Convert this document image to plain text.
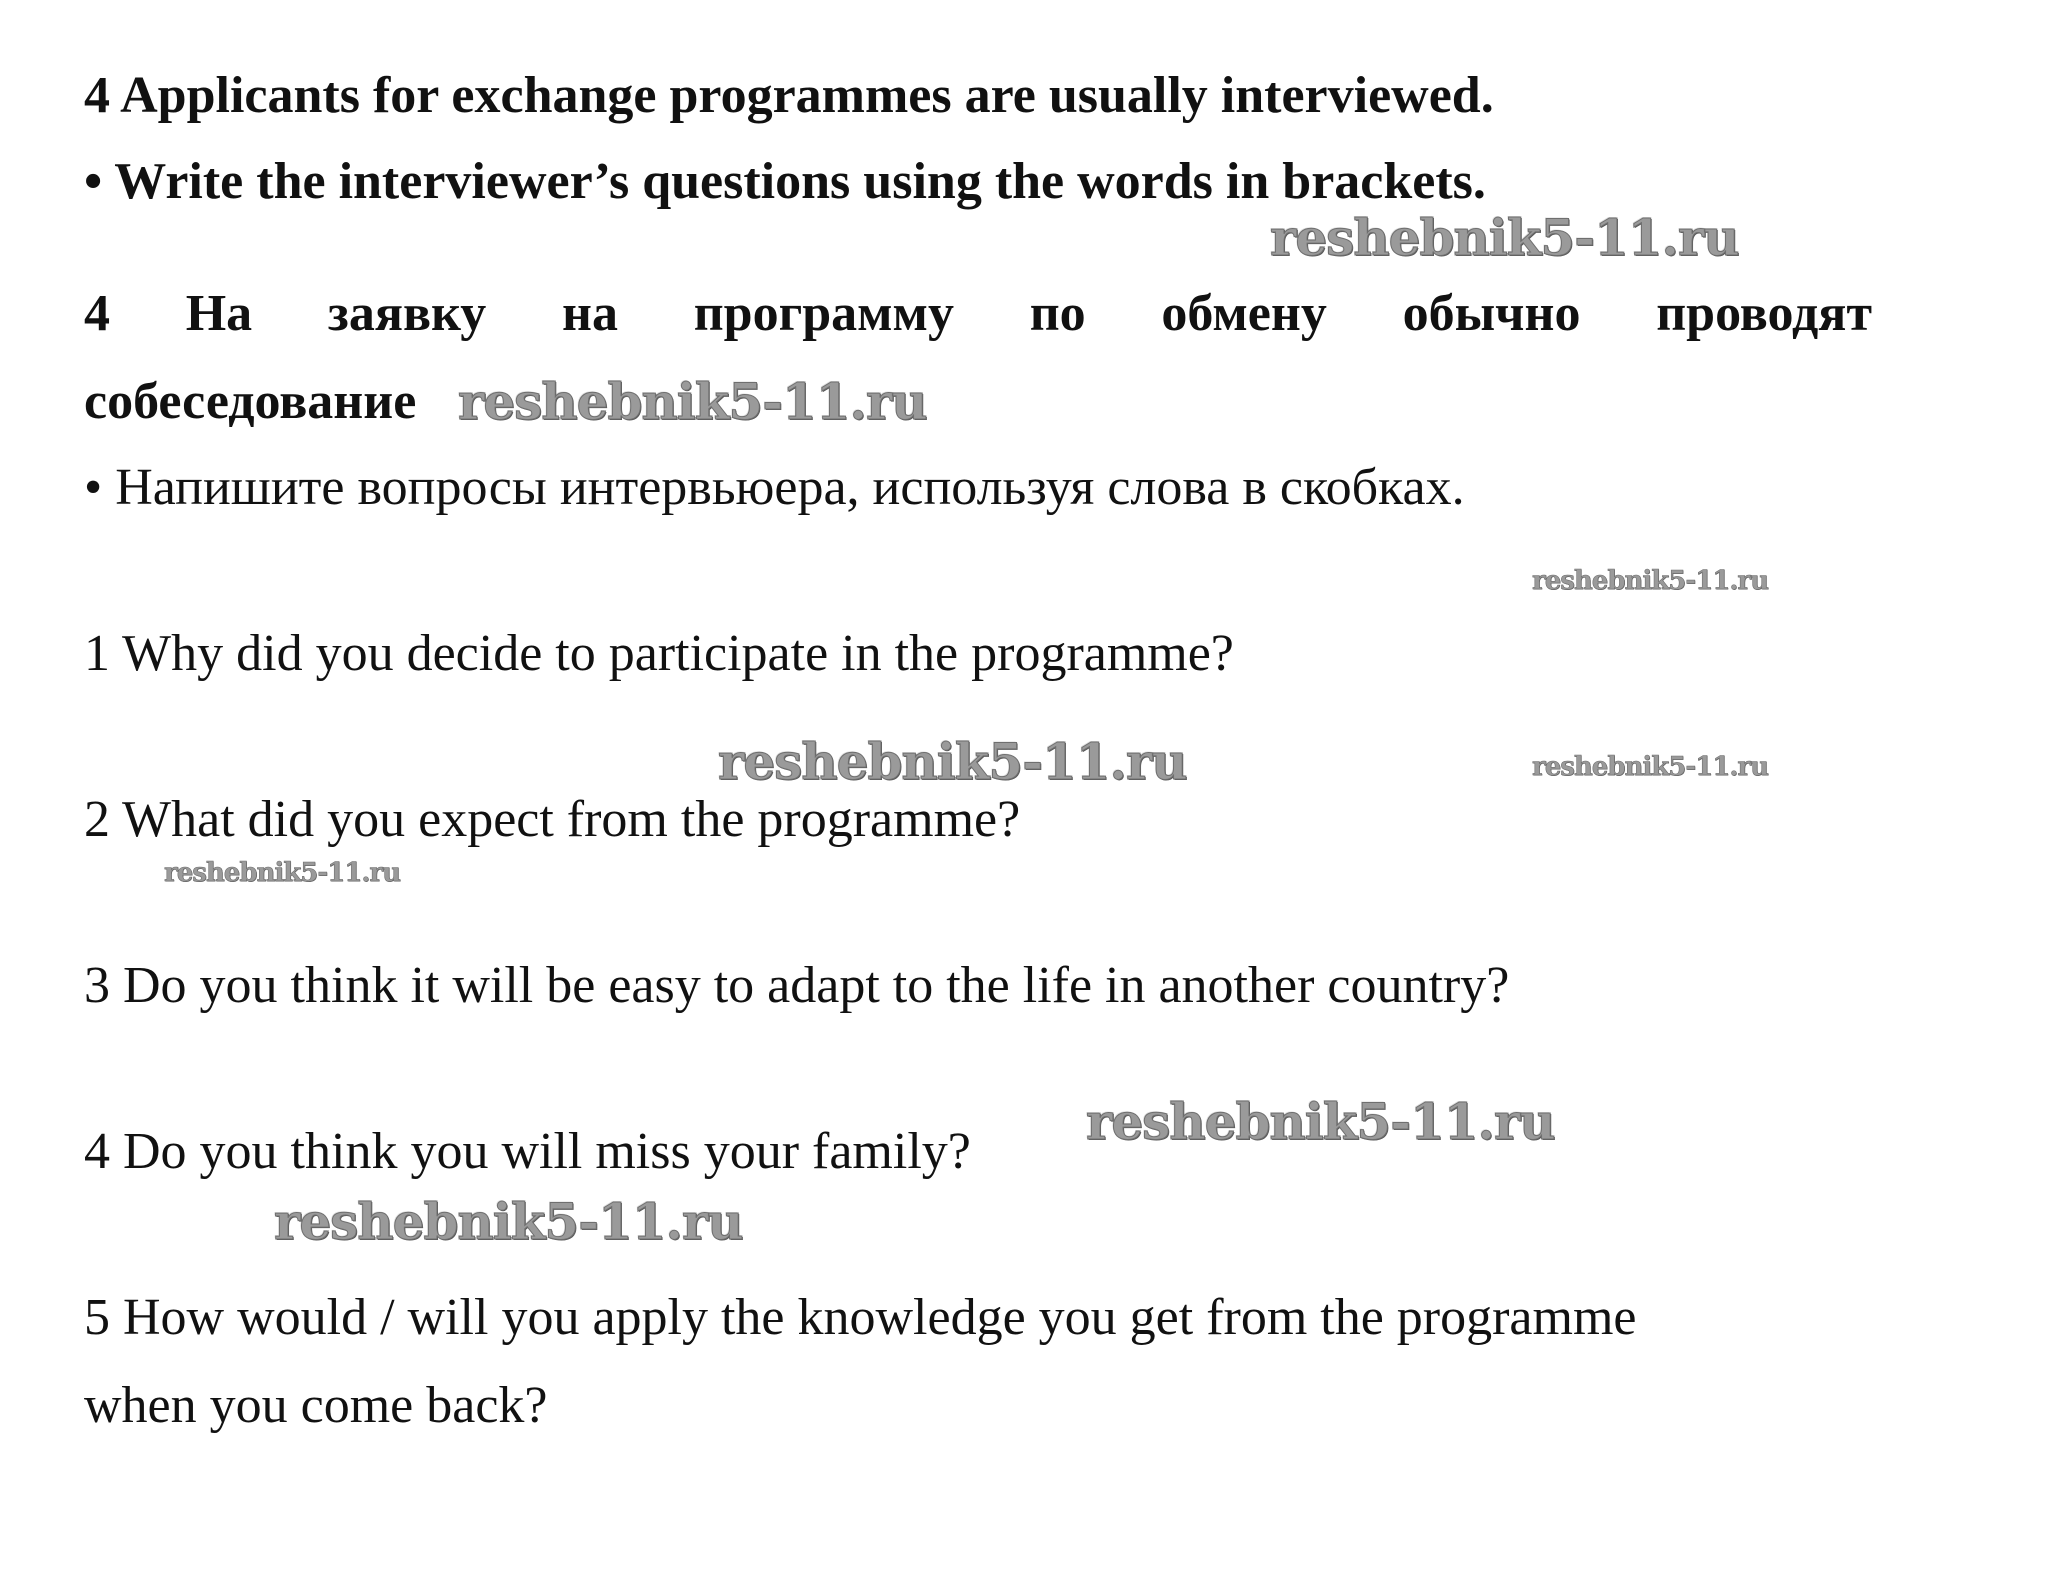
4 Applicants for exchange programmes are usually interviewed.
• Write the interviewer’s questions using the words in brackets.
4 На заявку на программу по обмену обычно проводят
собеседование
• Напишите вопросы интервьюера, используя слова в скобках.
1 Why did you decide to participate in the programme?
2 What did you expect from the programme?
3 Do you think it will be easy to adapt to the life in another country?
4 Do you think you will miss your family?
5 How would / will you apply the knowledge you get from the programme
when you come back?
reshebnik5-11.ru
reshebnik5-11.ru
reshebnik5-11.ru
reshebnik5-11.ru	reshebnik5-11.ru
reshebnik5-11.ru
reshebnik5-11.ru
reshebnik5-11.ru
